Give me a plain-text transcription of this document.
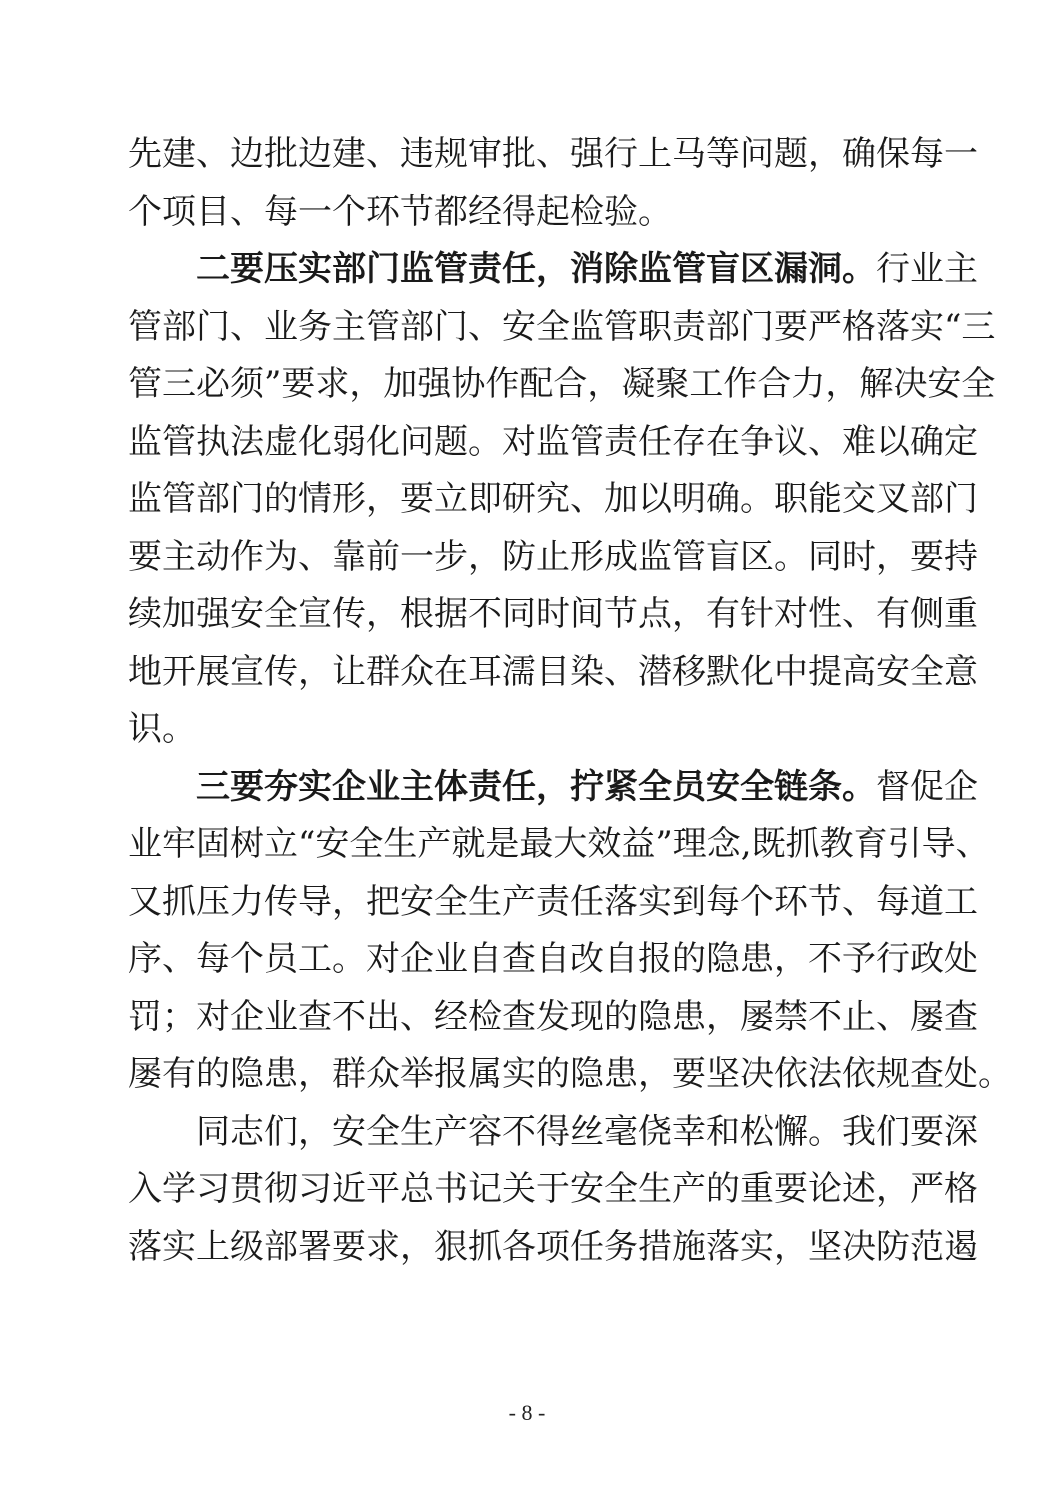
先建、边批边建、违规审批、强行上马等问题，确保每一
个项目、每一个环节都经得起检验。
二要压实部门监管责任，消除监管盲区漏洞。行业主
管部门、业务主管部门、安全监管职责部门要严格落实“三
管三必须”要求，加强协作配合，凝聚工作合力，解决安全
监管执法虚化弱化问题。对监管责任存在争议、难以确定
监管部门的情形，要立即研究、加以明确。职能交叉部门
要主动作为、靠前一步，防止形成监管盲区。同时，要持
续加强安全宣传，根据不同时间节点，有针对性、有侧重
地开展宣传，让群众在耳濡目染、潜移默化中提高安全意
识。
三要夯实企业主体责任，拧紧全员安全链条。督促企
业牢固树立“安全生产就是最大效益”理念,既抓教育引导、
又抓压力传导，把安全生产责任落实到每个环节、每道工
序、每个员工。对企业自查自改自报的隐患，不予行政处
罚；对企业查不出、经检查发现的隐患，屡禁不止、屡查
屡有的隐患，群众举报属实的隐患，要坚决依法依规查处。
同志们，安全生产容不得丝毫侥幸和松懈。我们要深
入学习贯彻习近平总书记关于安全生产的重要论述，严格
落实上级部署要求，狠抓各项任务措施落实，坚决防范遏
- 8 -
